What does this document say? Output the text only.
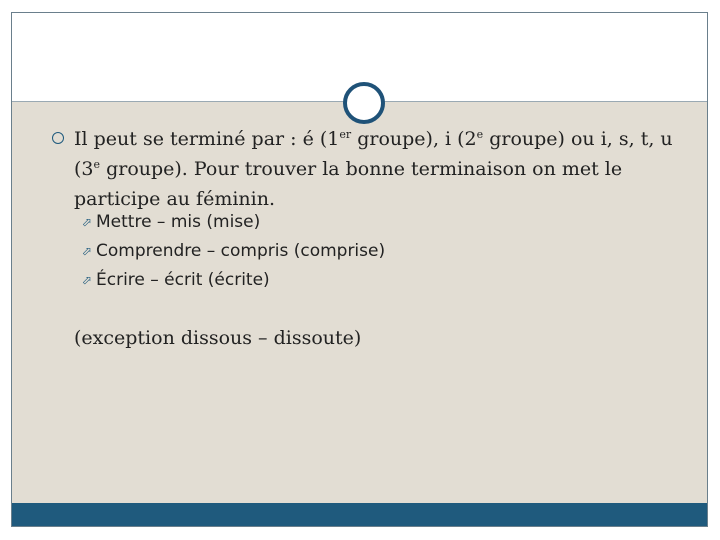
Il peut se terminé par : é (1er groupe), i (2e groupe) ou i, s, t, u (3e groupe). Pour trouver la bonne terminaison on met le participe au féminin.
⇨ Mettre – mis (mise)
⇨ Comprendre – compris (comprise)
⇨ Écrire – écrit (écrite)
(exception dissous – dissoute)
